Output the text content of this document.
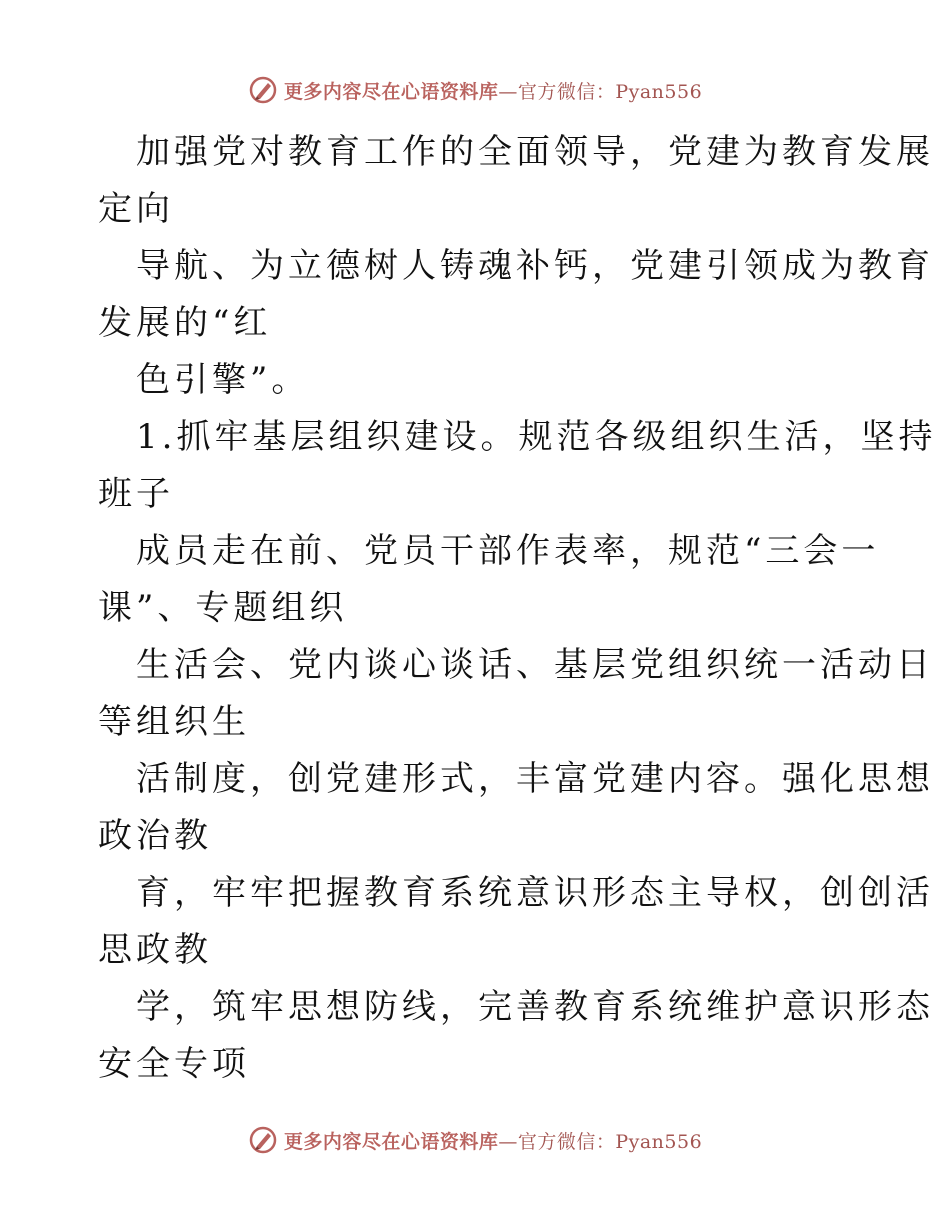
更多内容尽在心语资料库—官方微信：Pyan556
加强党对教育工作的全面领导，党建为教育发展
定向
导航、为立德树人铸魂补钙，党建引领成为教育
发展的“红
色引擎”。
1.抓牢基层组织建设。规范各级组织生活，坚持
班子
成员走在前、党员干部作表率，规范“三会一
课”、专题组织
生活会、党内谈心谈话、基层党组织统一活动日
等组织生
活制度，创党建形式，丰富党建内容。强化思想
政治教
育，牢牢把握教育系统意识形态主导权，创创活
思政教
学，筑牢思想防线，完善教育系统维护意识形态
安全专项
更多内容尽在心语资料库—官方微信：Pyan556
